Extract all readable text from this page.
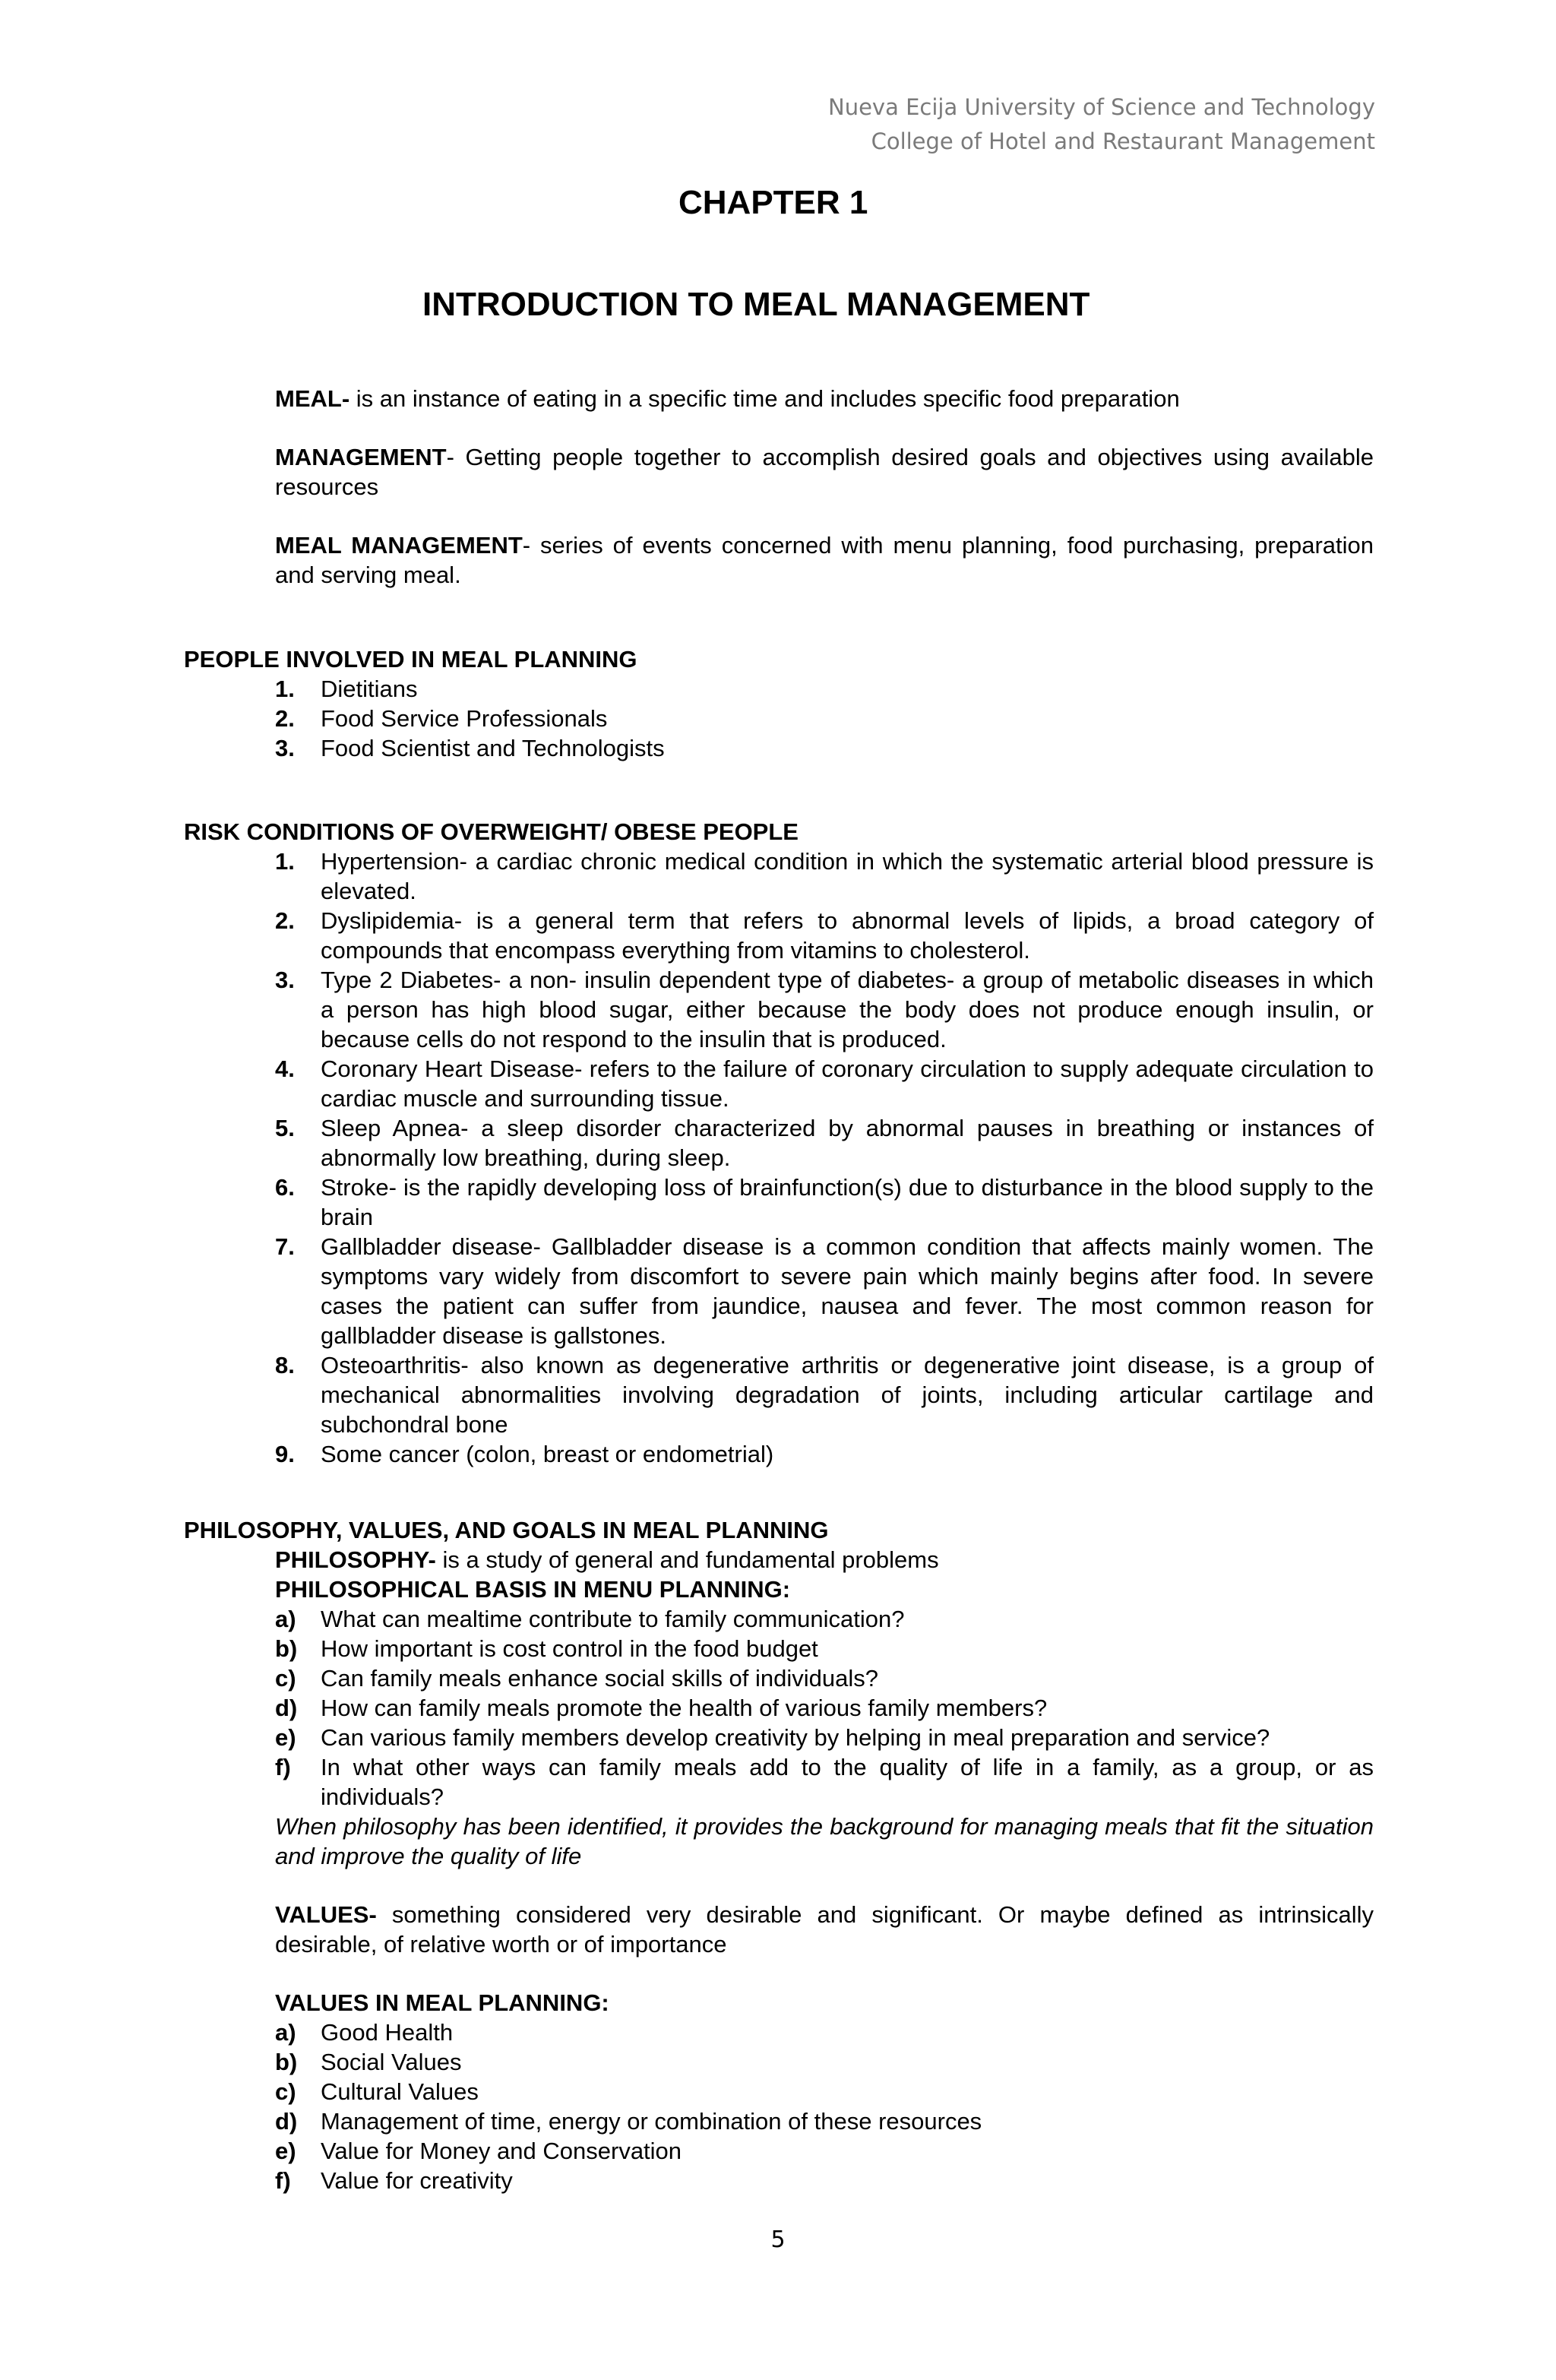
Nueva Ecija University of Science and Technology
College of Hotel and Restaurant Management
CHAPTER 1
INTRODUCTION TO MEAL MANAGEMENT

MEAL- is an instance of eating in a specific time and includes specific food preparation

MANAGEMENT- Getting people together to accomplish desired goals and objectives using available resources

MEAL MANAGEMENT- series of events concerned with menu planning, food purchasing, preparation and serving meal.

PEOPLE INVOLVED IN MEAL PLANNING
1. Dietitians
2. Food Service Professionals
3. Food Scientist and Technologists
RISK CONDITIONS OF OVERWEIGHT/ OBESE PEOPLE
1. Hypertension- a cardiac chronic medical condition in which the systematic arterial blood pressure is elevated.
2. Dyslipidemia- is a general term that refers to abnormal levels of lipids, a broad category of compounds that encompass everything from vitamins to cholesterol.
3. Type 2 Diabetes- a non- insulin dependent type of diabetes- a group of metabolic diseases in which a person has high blood sugar, either because the body does not produce enough insulin, or because cells do not respond to the insulin that is produced.
4. Coronary Heart Disease- refers to the failure of coronary circulation to supply adequate circulation to cardiac muscle and surrounding tissue.
5. Sleep Apnea- a sleep disorder characterized by abnormal pauses in breathing or instances of abnormally low breathing, during sleep.
6. Stroke- is the rapidly developing loss of brainfunction(s) due to disturbance in the blood supply to the brain
7. Gallbladder disease- Gallbladder disease is a common condition that affects mainly women. The symptoms vary widely from discomfort to severe pain which mainly begins after food. In severe cases the patient can suffer from jaundice, nausea and fever. The most common reason for gallbladder disease is gallstones.
8. Osteoarthritis- also known as degenerative arthritis or degenerative joint disease, is a group of mechanical abnormalities involving degradation of joints, including articular cartilage and subchondral bone
9. Some cancer (colon, breast or endometrial)
PHILOSOPHY, VALUES, AND GOALS IN MEAL PLANNING

PHILOSOPHY- is a study of general and fundamental problems

PHILOSOPHICAL BASIS IN MENU PLANNING:

a) What can mealtime contribute to family communication?
b) How important is cost control in the food budget
c) Can family meals enhance social skills of individuals?
d) How can family meals promote the health of various family members?
e) Can various family members develop creativity by helping in meal preparation and service?
f) In what other ways can family meals add to the quality of life in a family, as a group, or as individuals?

When philosophy has been identified, it provides the background for managing meals that fit the situation and improve the quality of life

VALUES- something considered very desirable and significant. Or maybe defined as intrinsically desirable, of relative worth or of importance

VALUES IN MEAL PLANNING:

a) Good Health
b) Social Values
c) Cultural Values
d) Management of time, energy or combination of these resources
e) Value for Money and Conservation
f) Value for creativity
5
